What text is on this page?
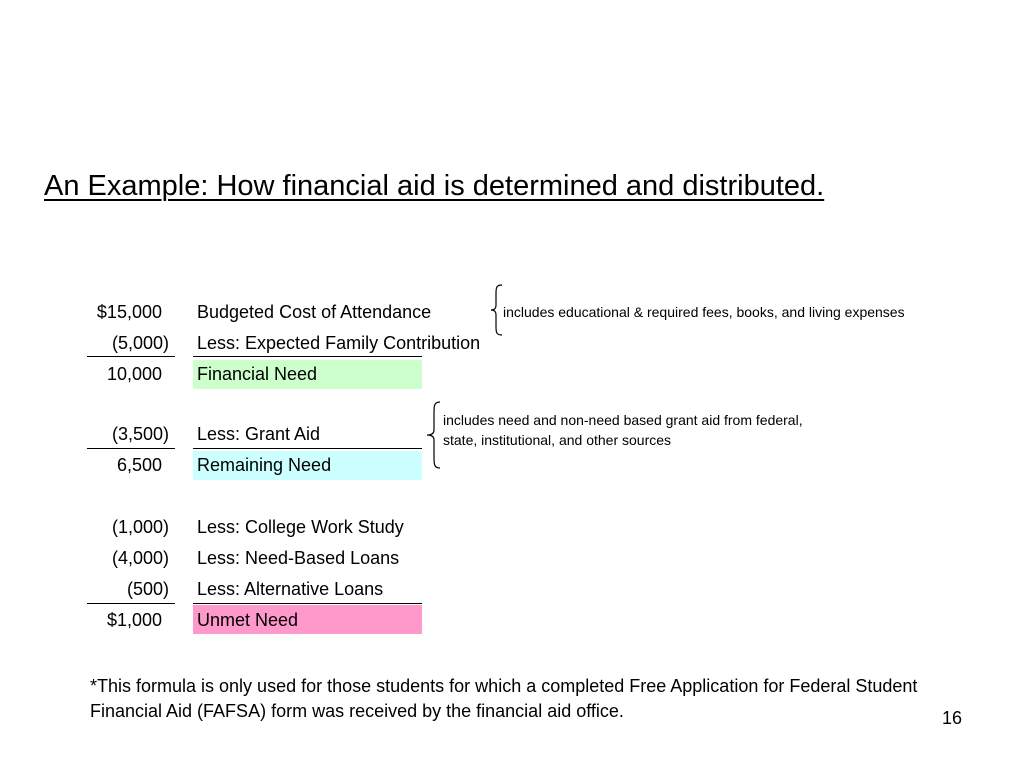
An Example: How financial aid is determined and distributed.
$15,000 Budgeted Cost of Attendance
(5,000) Less: Expected Family Contribution
10,000 Financial Need
(3,500) Less: Grant Aid
6,500 Remaining Need
(1,000) Less: College Work Study
(4,000) Less: Need-Based Loans
(500) Less: Alternative Loans
$1,000 Unmet Need
includes educational & required fees, books, and living expenses
includes need and non-need based grant aid from federal,
state, institutional, and other sources
*This formula is only used for those students for which a completed Free Application for Federal Student Financial Aid (FAFSA) form was received by the financial aid office.	16
